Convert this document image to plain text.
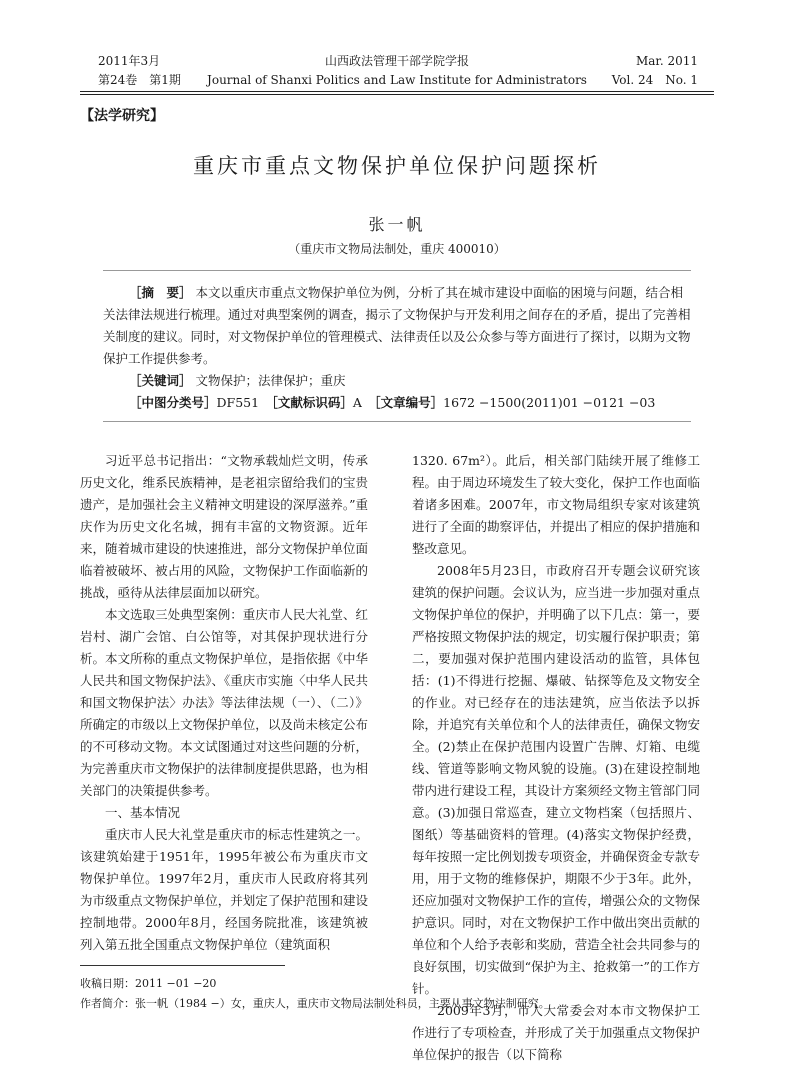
2011年3月
第24卷　第1期
山西政法管理干部学院学报
Journal of Shanxi Politics and Law Institute for Administrators
Mar. 2011
Vol. 24　No. 1
【法学研究】
重庆市重点文物保护单位保护问题探析
张一帆
（重庆市文物局法制处，重庆 400010）

［摘　要］ 本文以重庆市重点文物保护单位为例，分析了其在城市建设中面临的困境与问题，结合相关法律法规进行梳理。通过对典型案例的调查，揭示了文物保护与开发利用之间存在的矛盾，提出了完善相关制度的建议。同时，对文物保护单位的管理模式、法律责任以及公众参与等方面进行了探讨，以期为文物保护工作提供参考。

［关键词］ 文物保护；法律保护；重庆
［中图分类号］DF551　 ［文献标识码］A　 ［文章编号］1672 −1500(2011)01 −0121 −03

习近平总书记指出：“文物承载灿烂文明，传承历史文化，维系民族精神，是老祖宗留给我们的宝贵遗产，是加强社会主义精神文明建设的深厚滋养。”重庆作为历史文化名城，拥有丰富的文物资源。近年来，随着城市建设的快速推进，部分文物保护单位面临着被破坏、被占用的风险，文物保护工作面临新的挑战，亟待从法律层面加以研究。

本文选取三处典型案例：重庆市人民大礼堂、红岩村、湖广会馆、白公馆等，对其保护现状进行分析。本文所称的重点文物保护单位，是指依据《中华人民共和国文物保护法》、《重庆市实施〈中华人民共和国文物保护法〉办法》等法律法规（一）、（二）》所确定的市级以上文物保护单位，以及尚未核定公布的不可移动文物。本文试图通过对这些问题的分析，为完善重庆市文物保护的法律制度提供思路，也为相关部门的决策提供参考。

一、基本情况

重庆市人民大礼堂是重庆市的标志性建筑之一。该建筑始建于1951年，1995年被公布为重庆市文物保护单位。1997年2月，重庆市人民政府将其列为市级重点文物保护单位，并划定了保护范围和建设控制地带。2000年8月，经国务院批准，该建筑被列入第五批全国重点文物保护单位（建筑面积

1320. 67m²）。此后，相关部门陆续开展了维修工程。由于周边环境发生了较大变化，保护工作也面临着诸多困难。2007年，市文物局组织专家对该建筑进行了全面的勘察评估，并提出了相应的保护措施和整改意见。

2008年5月23日，市政府召开专题会议研究该建筑的保护问题。会议认为，应当进一步加强对重点文物保护单位的保护，并明确了以下几点：第一，要严格按照文物保护法的规定，切实履行保护职责；第二，要加强对保护范围内建设活动的监管，具体包括：(1)不得进行挖掘、爆破、钻探等危及文物安全的作业。对已经存在的违法建筑，应当依法予以拆除，并追究有关单位和个人的法律责任，确保文物安全。(2)禁止在保护范围内设置广告牌、灯箱、电缆线、管道等影响文物风貌的设施。(3)在建设控制地带内进行建设工程，其设计方案须经文物主管部门同意。(3)加强日常巡查，建立文物档案（包括照片、图纸）等基础资料的管理。(4)落实文物保护经费，每年按照一定比例划拨专项资金，并确保资金专款专用，用于文物的维修保护，期限不少于3年。此外，还应加强对文物保护工作的宣传，增强公众的文物保护意识。同时，对在文物保护工作中做出突出贡献的单位和个人给予表彰和奖励，营造全社会共同参与的良好氛围，切实做到“保护为主、抢救第一”的工作方针。

2009年3月，市人大常委会对本市文物保护工作进行了专项检查，并形成了关于加强重点文物保护单位保护的报告（以下简称

收稿日期：2011 −01 −20
作者简介：张一帆（1984 −）女，重庆人，重庆市文物局法制处科员，主要从事文物法制研究。
